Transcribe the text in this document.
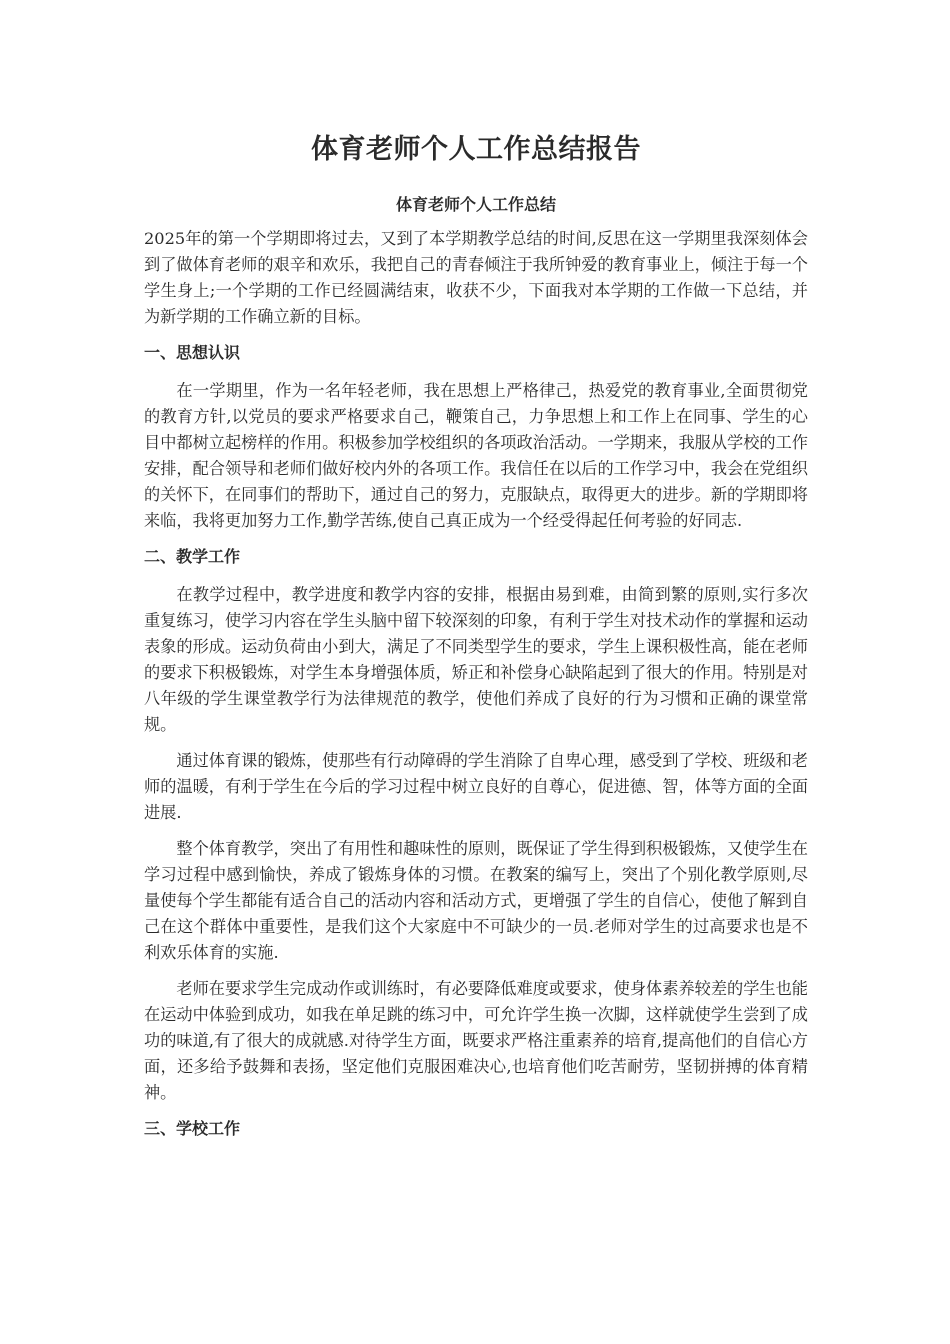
体育老师个人工作总结报告
体育老师个人工作总结

2025年的第一个学期即将过去，又到了本学期教学总结的时间,反思在这一学期里我深刻体会到了做体育老师的艰辛和欢乐，我把自己的青春倾注于我所钟爱的教育事业上，倾注于每一个学生身上;一个学期的工作已经圆满结束，收获不少，下面我对本学期的工作做一下总结，并为新学期的工作确立新的目标。

一、思想认识

在一学期里，作为一名年轻老师，我在思想上严格律己，热爱党的教育事业,全面贯彻党的教育方针,以党员的要求严格要求自己，鞭策自己，力争思想上和工作上在同事、学生的心目中都树立起榜样的作用。积极参加学校组织的各项政治活动。一学期来，我服从学校的工作安排，配合领导和老师们做好校内外的各项工作。我信任在以后的工作学习中，我会在党组织的关怀下，在同事们的帮助下，通过自己的努力，克服缺点，取得更大的进步。新的学期即将来临，我将更加努力工作,勤学苦练,使自己真正成为一个经受得起任何考验的好同志.

二、教学工作

在教学过程中，教学进度和教学内容的安排，根据由易到难，由简到繁的原则,实行多次重复练习，使学习内容在学生头脑中留下较深刻的印象，有利于学生对技术动作的掌握和运动表象的形成。运动负荷由小到大，满足了不同类型学生的要求，学生上课积极性高，能在老师的要求下积极锻炼，对学生本身增强体质，矫正和补偿身心缺陷起到了很大的作用。特别是对八年级的学生课堂教学行为法律规范的教学，使他们养成了良好的行为习惯和正确的课堂常规。

通过体育课的锻炼，使那些有行动障碍的学生消除了自卑心理，感受到了学校、班级和老师的温暖，有利于学生在今后的学习过程中树立良好的自尊心，促进德、智，体等方面的全面进展.

整个体育教学，突出了有用性和趣味性的原则，既保证了学生得到积极锻炼，又使学生在学习过程中感到愉快，养成了锻炼身体的习惯。在教案的编写上，突出了个别化教学原则,尽量使每个学生都能有适合自己的活动内容和活动方式，更增强了学生的自信心，使他了解到自己在这个群体中重要性，是我们这个大家庭中不可缺少的一员.老师对学生的过高要求也是不利欢乐体育的实施.

老师在要求学生完成动作或训练时，有必要降低难度或要求，使身体素养较差的学生也能在运动中体验到成功，如我在单足跳的练习中，可允许学生换一次脚，这样就使学生尝到了成功的味道,有了很大的成就感.对待学生方面，既要求严格注重素养的培育,提高他们的自信心方面，还多给予鼓舞和表扬，坚定他们克服困难决心,也培育他们吃苦耐劳，坚韧拼搏的体育精神。

三、学校工作
